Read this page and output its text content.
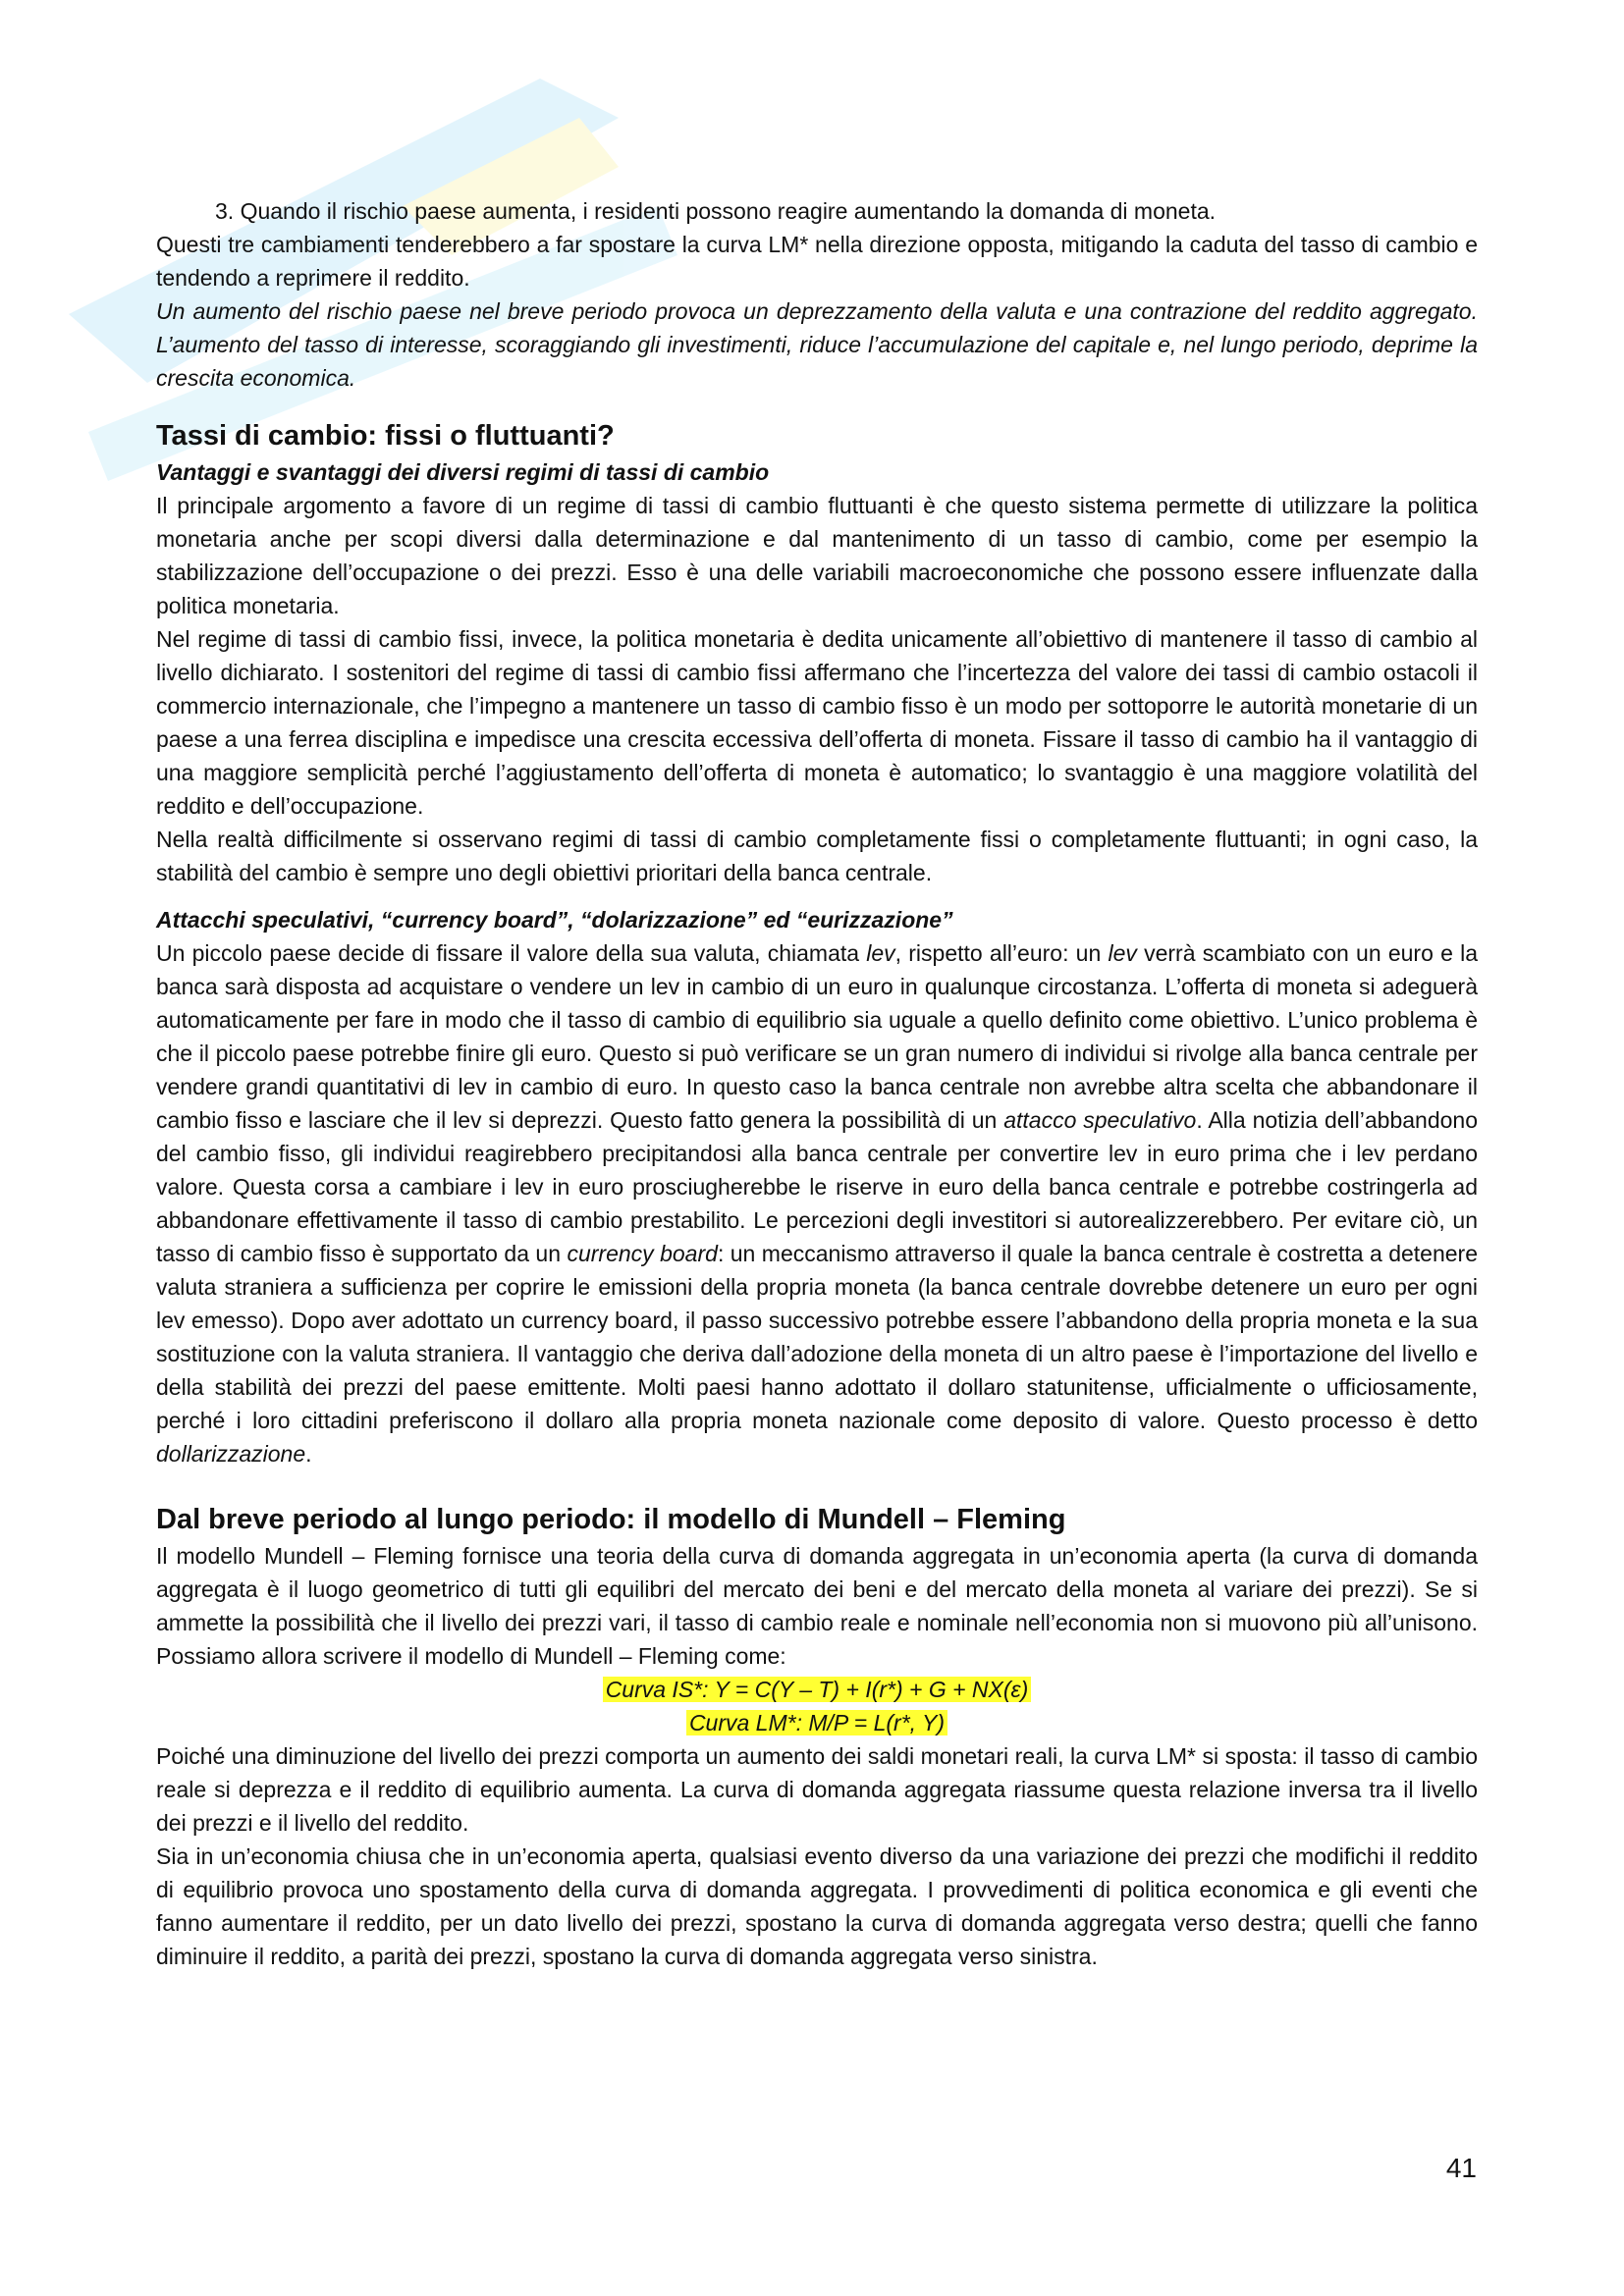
3. Quando il rischio paese aumenta, i residenti possono reagire aumentando la domanda di moneta.

Questi tre cambiamenti tenderebbero a far spostare la curva LM* nella direzione opposta, mitigando la caduta del tasso di cambio e tendendo a reprimere il reddito.

Un aumento del rischio paese nel breve periodo provoca un deprezzamento della valuta e una contrazione del reddito aggregato. L’aumento del tasso di interesse, scoraggiando gli investimenti, riduce l’accumulazione del capitale e, nel lungo periodo, deprime la crescita economica.

Tassi di cambio: fissi o fluttuanti?

Vantaggi e svantaggi dei diversi regimi di tassi di cambio

Il principale argomento a favore di un regime di tassi di cambio fluttuanti è che questo sistema permette di utilizzare la politica monetaria anche per scopi diversi dalla determinazione e dal mantenimento di un tasso di cambio, come per esempio la stabilizzazione dell’occupazione o dei prezzi. Esso è una delle variabili macroeconomiche che possono essere influenzate dalla politica monetaria.

Nel regime di tassi di cambio fissi, invece, la politica monetaria è dedita unicamente all’obiettivo di mantenere il tasso di cambio al livello dichiarato. I sostenitori del regime di tassi di cambio fissi affermano che l’incertezza del valore dei tassi di cambio ostacoli il commercio internazionale, che l’impegno a mantenere un tasso di cambio fisso è un modo per sottoporre le autorità monetarie di un paese a una ferrea disciplina e impedisce una crescita eccessiva dell’offerta di moneta. Fissare il tasso di cambio ha il vantaggio di una maggiore semplicità perché l’aggiustamento dell’offerta di moneta è automatico; lo svantaggio è una maggiore volatilità del reddito e dell’occupazione.

Nella realtà difficilmente si osservano regimi di tassi di cambio completamente fissi o completamente fluttuanti; in ogni caso, la stabilità del cambio è sempre uno degli obiettivi prioritari della banca centrale.

Attacchi speculativi, “currency board”, “dolarizzazione” ed “eurizzazione”

Un piccolo paese decide di fissare il valore della sua valuta, chiamata lev, rispetto all’euro: un lev verrà scambiato con un euro e la banca sarà disposta ad acquistare o vendere un lev in cambio di un euro in qualunque circostanza. L’offerta di moneta si adeguerà automaticamente per fare in modo che il tasso di cambio di equilibrio sia uguale a quello definito come obiettivo. L’unico problema è che il piccolo paese potrebbe finire gli euro. Questo si può verificare se un gran numero di individui si rivolge alla banca centrale per vendere grandi quantitativi di lev in cambio di euro. In questo caso la banca centrale non avrebbe altra scelta che abbandonare il cambio fisso e lasciare che il lev si deprezzi. Questo fatto genera la possibilità di un attacco speculativo. Alla notizia dell’abbandono del cambio fisso, gli individui reagirebbero precipitandosi alla banca centrale per convertire lev in euro prima che i lev perdano valore. Questa corsa a cambiare i lev in euro prosciugherebbe le riserve in euro della banca centrale e potrebbe costringerla ad abbandonare effettivamente il tasso di cambio prestabilito. Le percezioni degli investitori si autorealizzerebbero. Per evitare ciò, un tasso di cambio fisso è supportato da un currency board: un meccanismo attraverso il quale la banca centrale è costretta a detenere valuta straniera a sufficienza per coprire le emissioni della propria moneta (la banca centrale dovrebbe detenere un euro per ogni lev emesso). Dopo aver adottato un currency board, il passo successivo potrebbe essere l’abbandono della propria moneta e la sua sostituzione con la valuta straniera. Il vantaggio che deriva dall’adozione della moneta di un altro paese è l’importazione del livello e della stabilità dei prezzi del paese emittente. Molti paesi hanno adottato il dollaro statunitense, ufficialmente o ufficiosamente, perché i loro cittadini preferiscono il dollaro alla propria moneta nazionale come deposito di valore. Questo processo è detto dollarizzazione.

Dal breve periodo al lungo periodo: il modello di Mundell – Fleming

Il modello Mundell – Fleming fornisce una teoria della curva di domanda aggregata in un’economia aperta (la curva di domanda aggregata è il luogo geometrico di tutti gli equilibri del mercato dei beni e del mercato della moneta al variare dei prezzi). Se si ammette la possibilità che il livello dei prezzi vari, il tasso di cambio reale e nominale nell’economia non si muovono più all’unisono. Possiamo allora scrivere il modello di Mundell – Fleming come:

Curva IS*: Y = C(Y – T) + I(r*) + G + NX(ε)

Curva LM*: M/P = L(r*, Y)

Poiché una diminuzione del livello dei prezzi comporta un aumento dei saldi monetari reali, la curva LM* si sposta: il tasso di cambio reale si deprezza e il reddito di equilibrio aumenta. La curva di domanda aggregata riassume questa relazione inversa tra il livello dei prezzi e il livello del reddito.

Sia in un’economia chiusa che in un’economia aperta, qualsiasi evento diverso da una variazione dei prezzi che modifichi il reddito di equilibrio provoca uno spostamento della curva di domanda aggregata. I provvedimenti di politica economica e gli eventi che fanno aumentare il reddito, per un dato livello dei prezzi, spostano la curva di domanda aggregata verso destra; quelli che fanno diminuire il reddito, a parità dei prezzi, spostano la curva di domanda aggregata verso sinistra.

41
